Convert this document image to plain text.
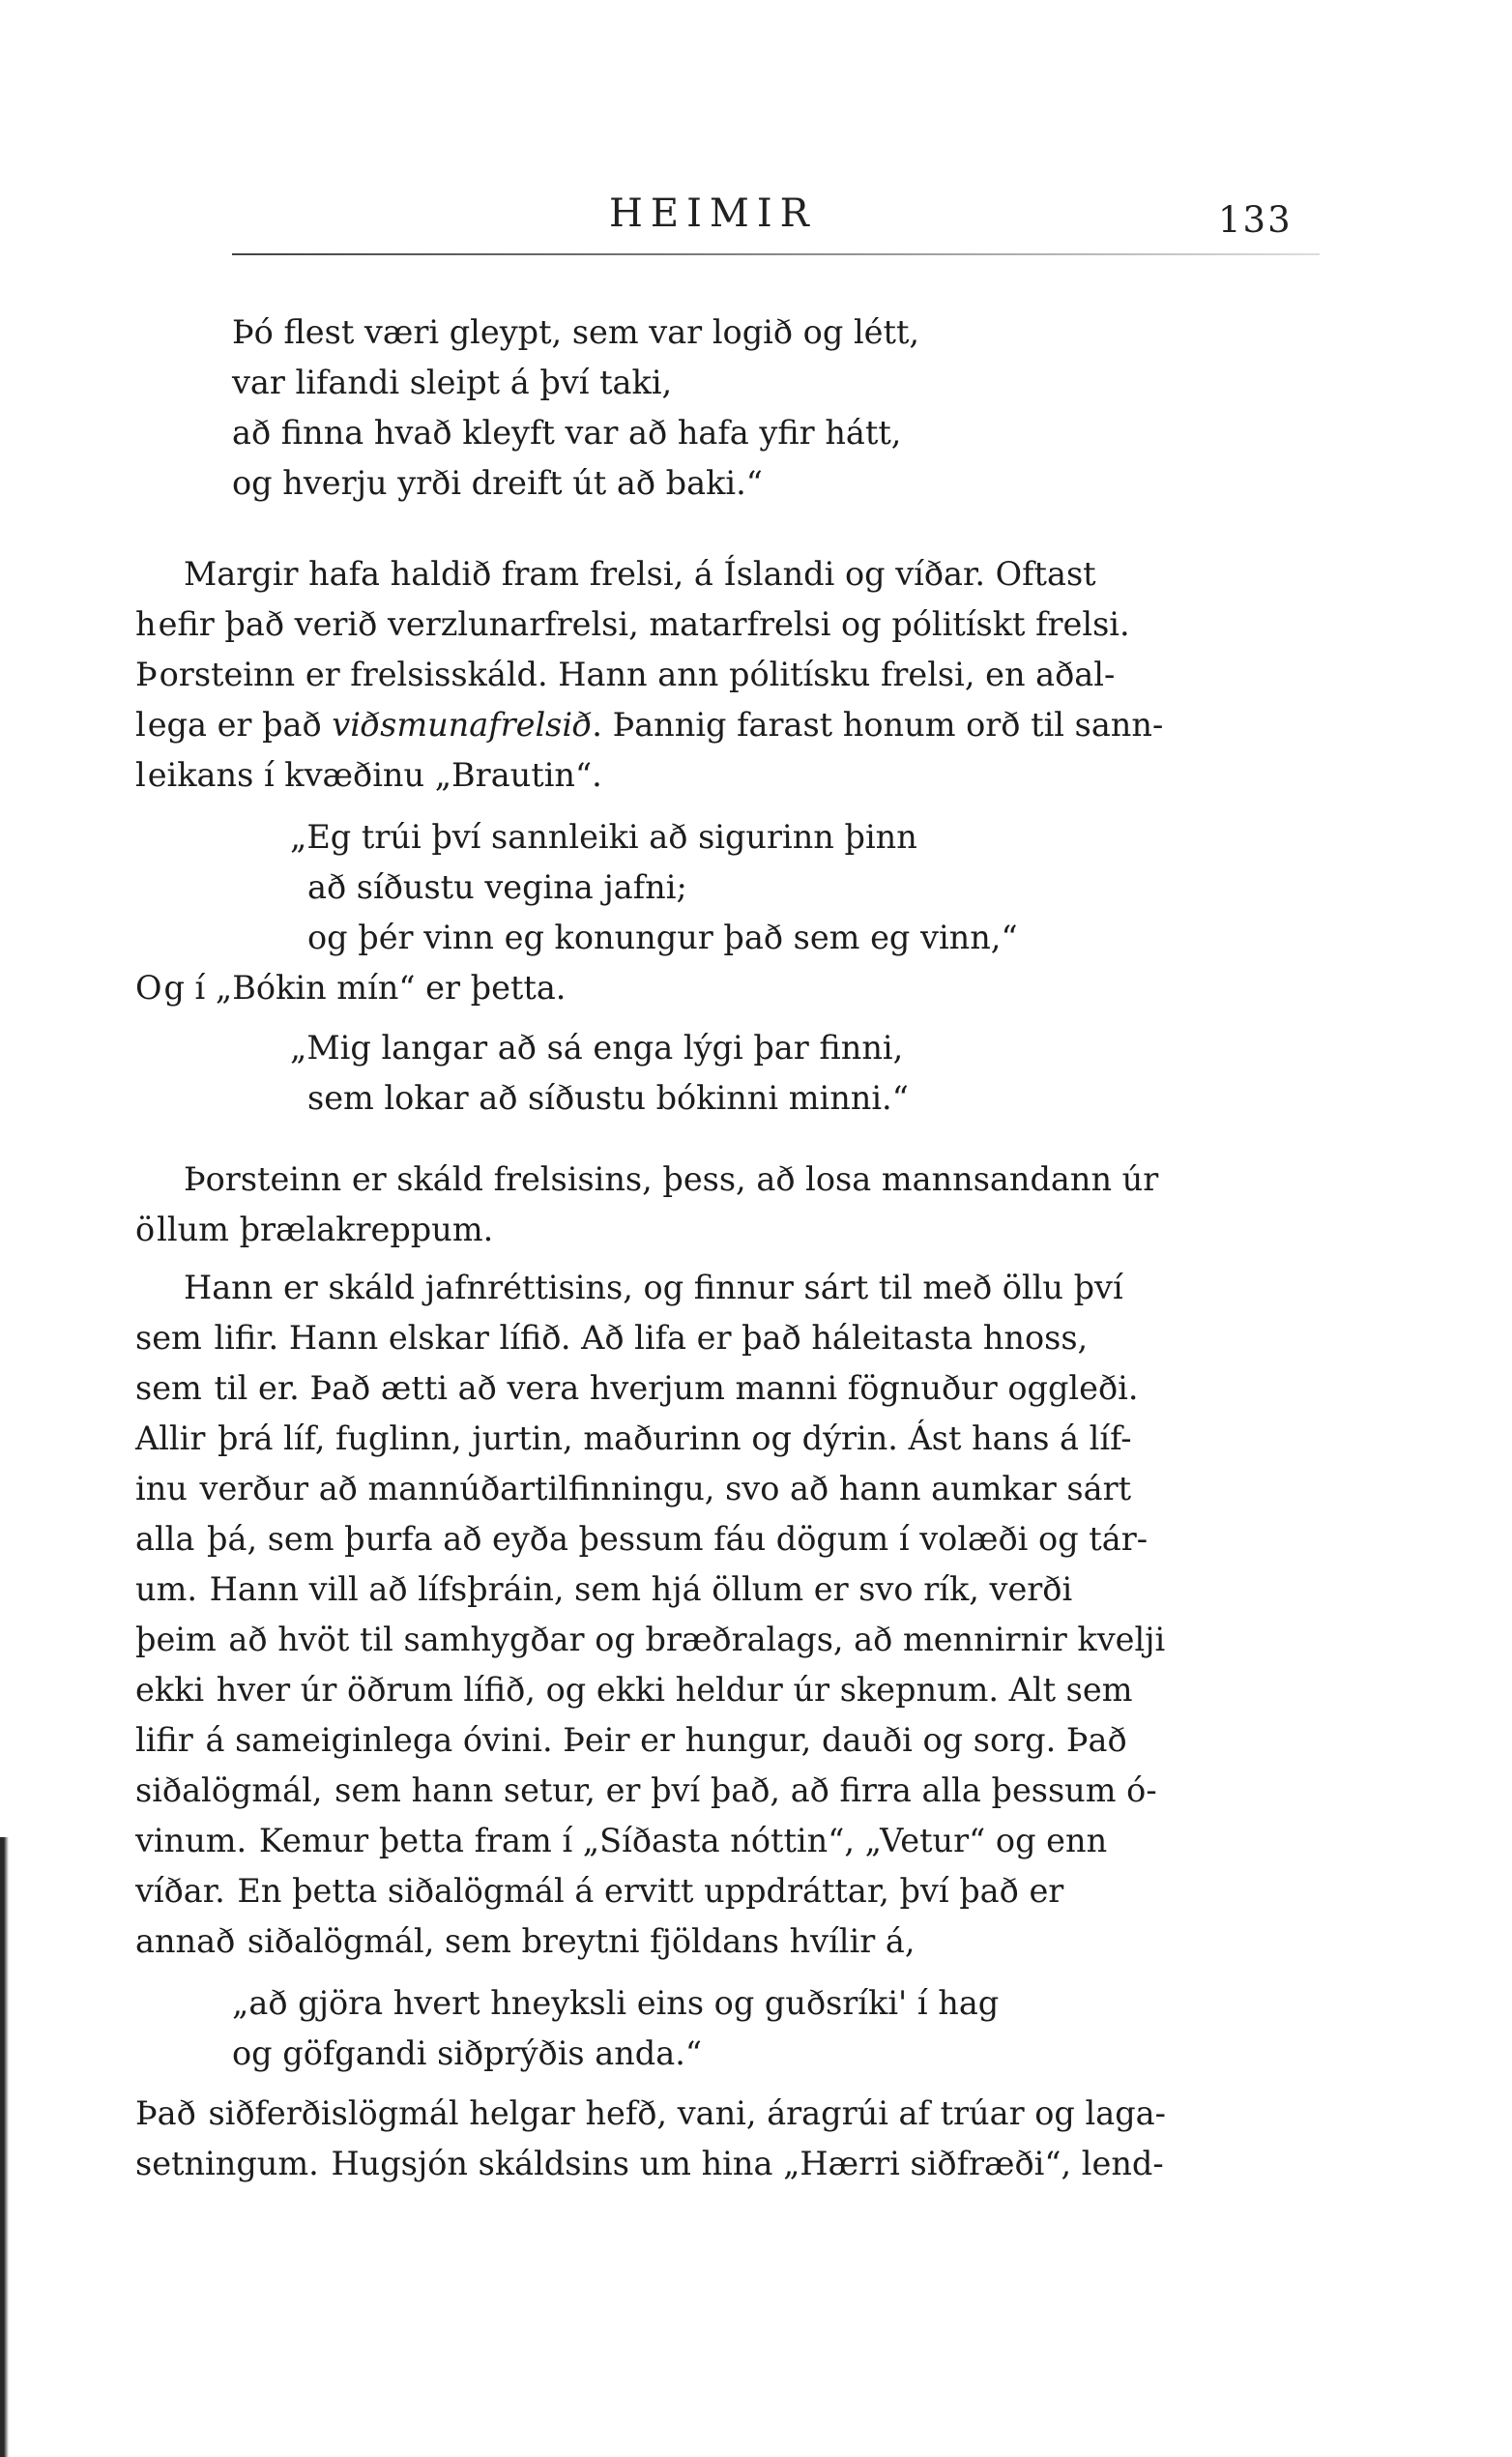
HEIMIR	133
Þó flest væri gleypt, sem var logið og létt,
var lifandi sleipt á því taki,
að finna hvað kleyft var að hafa yfir hátt,
og hverju yrði dreift út að baki.“
Margir hafa haldið fram frelsi, á Íslandi og víðar. Oftast
hefir það verið verzlunarfrelsi, matarfrelsi og pólitískt frelsi.
Þorsteinn er frelsisskáld. Hann ann pólitísku frelsi, en aðal-
lega er það viðsmunafrelsið. Þannig farast honum orð til sann-
leikans í kvæðinu „Brautin“.
„Eg trúi því sannleiki að sigurinn þinn
að síðustu vegina jafni;
og þér vinn eg konungur það sem eg vinn,“
Og í „Bókin mín“ er þetta.
„Mig langar að sá enga lýgi þar finni,
sem lokar að síðustu bókinni minni.“
Þorsteinn er skáld frelsisins, þess, að losa mannsandann úr
öllum þrælakreppum.
Hann er skáld jafnréttisins, og finnur sárt til með öllu því
sem lifir. Hann elskar lífið. Að lifa er það háleitasta hnoss,
sem til er. Það ætti að vera hverjum manni fögnuður oggleði.
Allir þrá líf, fuglinn, jurtin, maðurinn og dýrin. Ást hans á líf-
inu verður að mannúðartilfinningu, svo að hann aumkar sárt
alla þá, sem þurfa að eyða þessum fáu dögum í volæði og tár-
um. Hann vill að lífsþráin, sem hjá öllum er svo rík, verði
þeim að hvöt til samhygðar og bræðralags, að mennirnir kvelji
ekki hver úr öðrum lífið, og ekki heldur úr skepnum. Alt sem
lifir á sameiginlega óvini. Þeir er hungur, dauði og sorg. Það
siðalögmál, sem hann setur, er því það, að firra alla þessum ó-
vinum. Kemur þetta fram í „Síðasta nóttin“, „Vetur“ og enn
víðar. En þetta siðalögmál á ervitt uppdráttar, því það er
annað siðalögmál, sem breytni fjöldans hvílir á,
„að gjöra hvert hneyksli eins og guðsríki' í hag
og göfgandi siðprýðis anda.“
Það siðferðislögmál helgar hefð, vani, áragrúi af trúar og laga-
setningum. Hugsjón skáldsins um hina „Hærri siðfræði“, lend-
